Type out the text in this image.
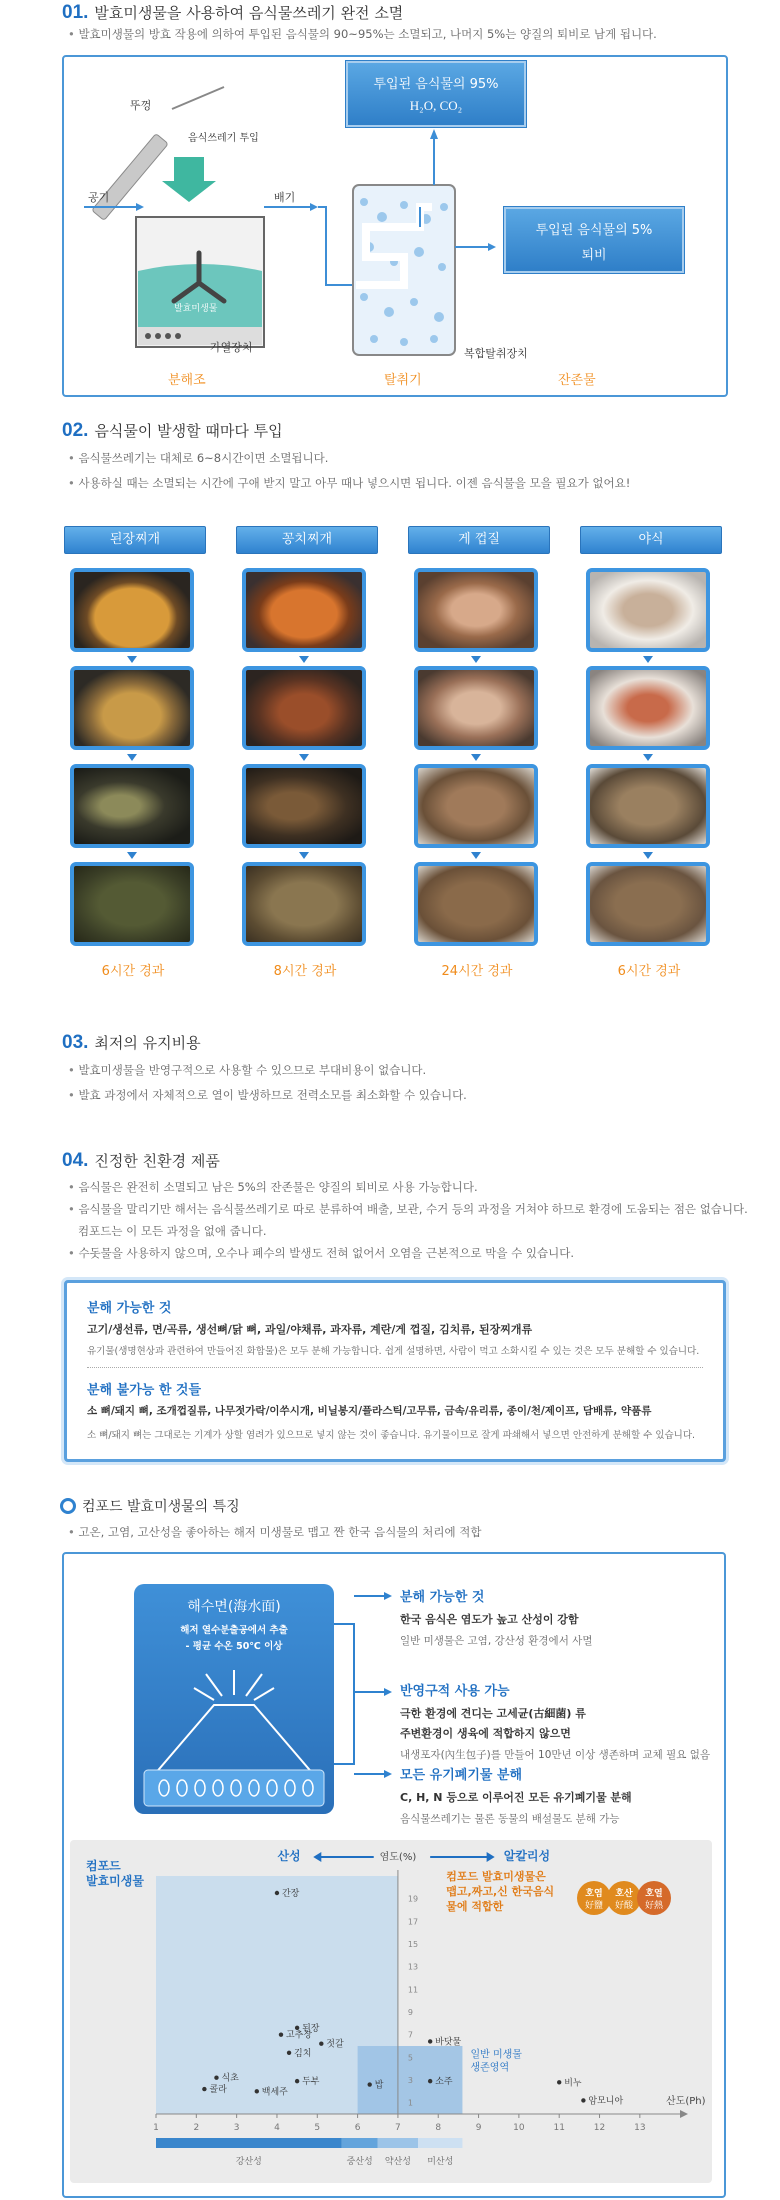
01. 발효미생물을 사용하여 음식물쓰레기 완전 소멸
• 발효미생물의 방효 작용에 의하여 투입된 음식물의 90~95%는 소멸되고, 나머지 5%는 양질의 퇴비로 남게 됩니다.
뚜껑
음식쓰레기 투입
공기	배기
발효미생물
가열장치	복합탈취장치
투입된 음식물의 95%
H₂O, CO₂
투입된 음식물의 5%
퇴비
분해조	탈취기	잔존물
02. 음식물이 발생할 때마다 투입
• 음식물쓰레기는 대체로 6~8시간이면 소멸됩니다.
• 사용하실 때는 소멸되는 시간에 구애 받지 말고 아무 때나 넣으시면 됩니다. 이젠 음식물을 모을 필요가 없어요!
된장찌개
6시간 경과
꽁치찌개
8시간 경과
게 껍질
24시간 경과
야식
6시간 경과
03. 최저의 유지비용
• 발효미생물을 반영구적으로 사용할 수 있으므로 부대비용이 없습니다.
• 발효 과정에서 자체적으로 열이 발생하므로 전력소모를 최소화할 수 있습니다.
04. 진정한 친환경 제품
• 음식물은 완전히 소멸되고 남은 5%의 잔존물은 양질의 퇴비로 사용 가능합니다.
• 음식물을 말리기만 해서는 음식물쓰레기로 따로 분류하여 배출, 보관, 수거 등의 과정을 거쳐야 하므로 환경에 도움되는 점은 없습니다.
컴포드는 이 모든 과정을 없애 줍니다.
• 수돗물을 사용하지 않으며, 오수나 폐수의 발생도 전혀 없어서 오염을 근본적으로 막을 수 있습니다.
분해 가능한 것
고기/생선류, 면/곡류, 생선뼈/닭 뼈, 과일/야채류, 과자류, 계란/게 껍질, 김치류, 된장찌개류
유기물(생명현상과 관련하여 만들어진 화합물)은 모두 분해 가능합니다. 쉽게 설명하면, 사람이 먹고 소화시킬 수 있는 것은 모두 분해할 수 있습니다.
분해 불가능 한 것들
소 뼈/돼지 뼈, 조개껍질류, 나무젓가락/이쑤시개, 비닐봉지/플라스틱/고무류, 금속/유리류, 종이/천/제이프, 담배류, 약품류
소 뼈/돼지 뼈는 그대로는 기계가 상할 염려가 있으므로 넣지 않는 것이 좋습니다. 유기물이므로 잘게 파쇄해서 넣으면 안전하게 분해할 수 있습니다.
컴포드 발효미생물의 특징
• 고온, 고염, 고산성을 좋아하는 해저 미생물로 맵고 짠 한국 음식물의 처리에 적합
해수면(海水面)
해저 열수분출공에서 추출
- 평균 수온 50℃ 이상
분해 가능한 것
한국 음식은 염도가 높고 산성이 강함
일반 미생물은 고염, 강산성 환경에서 사멸
반영구적 사용 가능
극한 환경에 견디는 고세균(古細菌) 류
주변환경이 생육에 적합하지 않으면
내생포자(內生包子)를 만들어 10만년 이상 생존하며 교체 필요 없음
모든 유기폐기물 분해
C, H, N 등으로 이루어진 모든 유기폐기물 분해
음식물쓰레기는 물론 동물의 배설물도 분해 가능
1	2	3	4	5	6	7	8	9	10	11	12	13
1
3
5
7
9
11
13
15
17
19
염도(%)
산도(Ph)
산성	알칼리성
간장
된장
고추장
젓갈	바닷물
김치
식초	두부	밥	소주
콜라	백세주
비누
암모니아
컴포드
발효미생물
일반 미생물
생존영역
컴포드 발효미생물은
맵고,짜고,신 한국음식
물에 적합한
호염
好鹽
호산
好酸
호열
好熱
강산성	중산성 약산성 미산성
